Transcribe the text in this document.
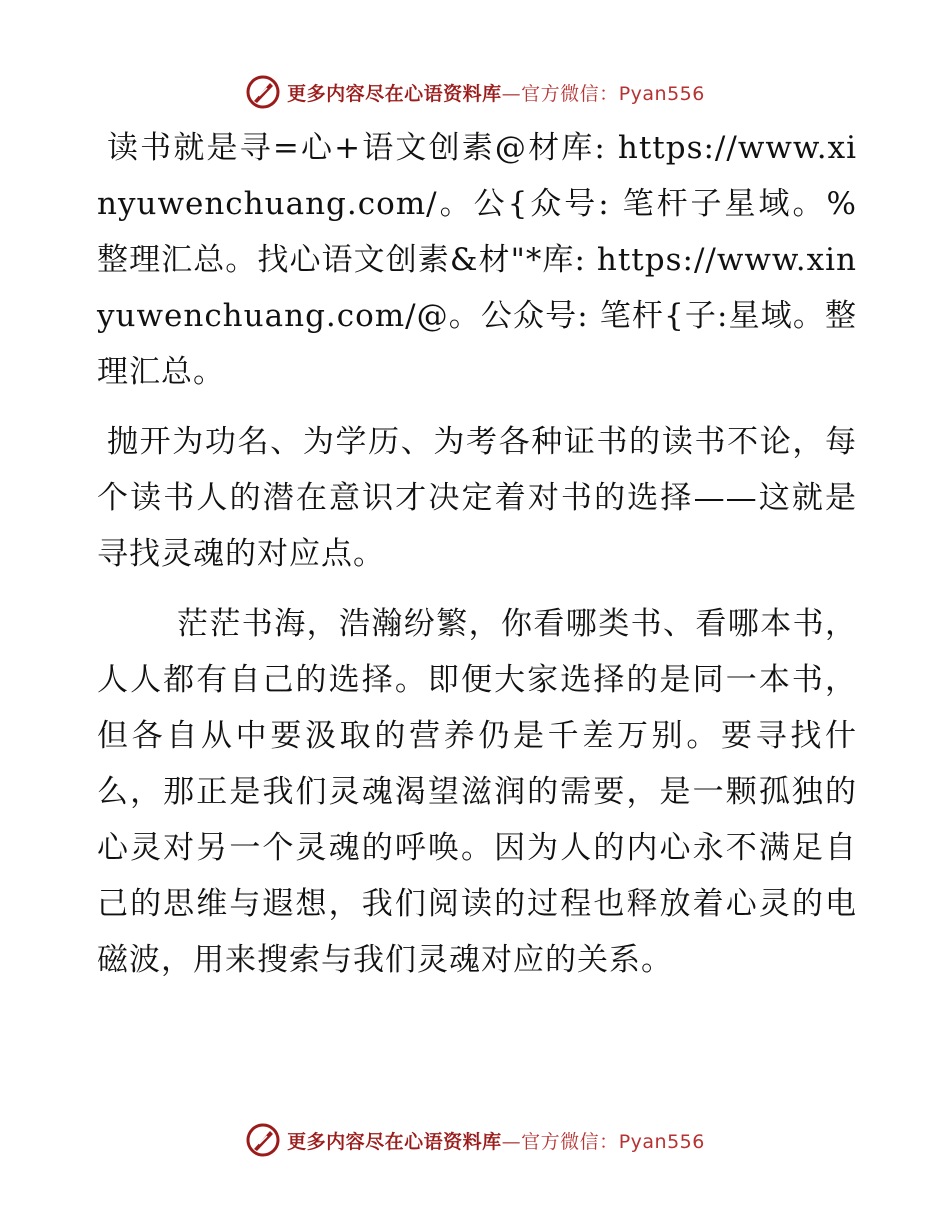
更多内容尽在心语资料库—官方微信：Pyan556

读书就是寻=心+语文创素@材库: https://www.xinyuwenchuang.com/。公{众号: 笔杆子星域。%整理汇总。找心语文创素&材"*库: https://www.xinyuwenchuang.com/@。公众号: 笔杆{子:星域。整理汇总。

抛开为功名、为学历、为考各种证书的读书不论，每个读书人的潜在意识才决定着对书的选择——这就是寻找灵魂的对应点。

茫茫书海，浩瀚纷繁，你看哪类书、看哪本书，人人都有自己的选择。即便大家选择的是同一本书，但各自从中要汲取的营养仍是千差万别。要寻找什么，那正是我们灵魂渴望滋润的需要，是一颗孤独的心灵对另一个灵魂的呼唤。因为人的内心永不满足自己的思维与遐想，我们阅读的过程也释放着心灵的电磁波，用来搜索与我们灵魂对应的关系。

更多内容尽在心语资料库—官方微信：Pyan556
